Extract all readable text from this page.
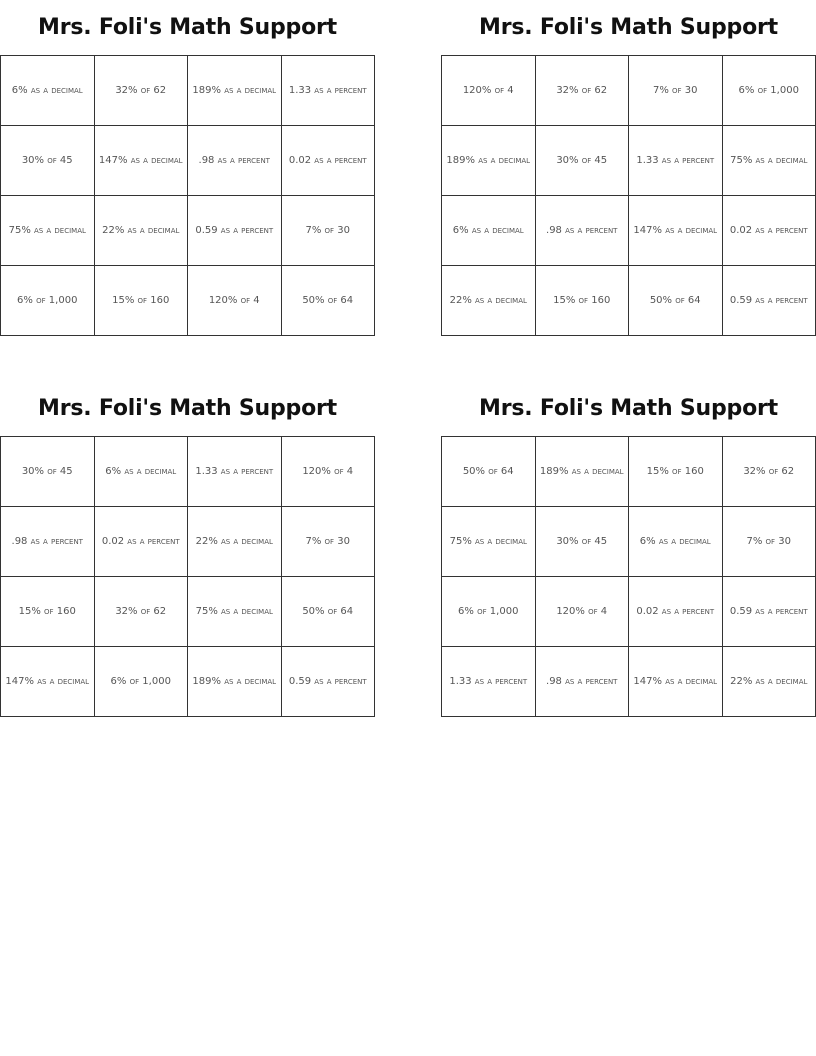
Mrs. Foli's Math Support
6% as a decimal	32% of 62	189% as a decimal	1.33 as a percent
30% of 45	147% as a decimal	.98 as a percent	0.02 as a percent
75% as a decimal	22% as a decimal	0.59 as a percent	7% of 30
6% of 1,000	15% of 160	120% of 4	50% of 64
Mrs. Foli's Math Support
120% of 4	32% of 62	7% of 30	6% of 1,000
189% as a decimal	30% of 45	1.33 as a percent	75% as a decimal
6% as a decimal	.98 as a percent	147% as a decimal	0.02 as a percent
22% as a decimal	15% of 160	50% of 64	0.59 as a percent
Mrs. Foli's Math Support
30% of 45	6% as a decimal	1.33 as a percent	120% of 4
.98 as a percent	0.02 as a percent	22% as a decimal	7% of 30
15% of 160	32% of 62	75% as a decimal	50% of 64
147% as a decimal	6% of 1,000	189% as a decimal	0.59 as a percent
Mrs. Foli's Math Support
50% of 64	189% as a decimal	15% of 160	32% of 62
75% as a decimal	30% of 45	6% as a decimal	7% of 30
6% of 1,000	120% of 4	0.02 as a percent	0.59 as a percent
1.33 as a percent	.98 as a percent	147% as a decimal	22% as a decimal
